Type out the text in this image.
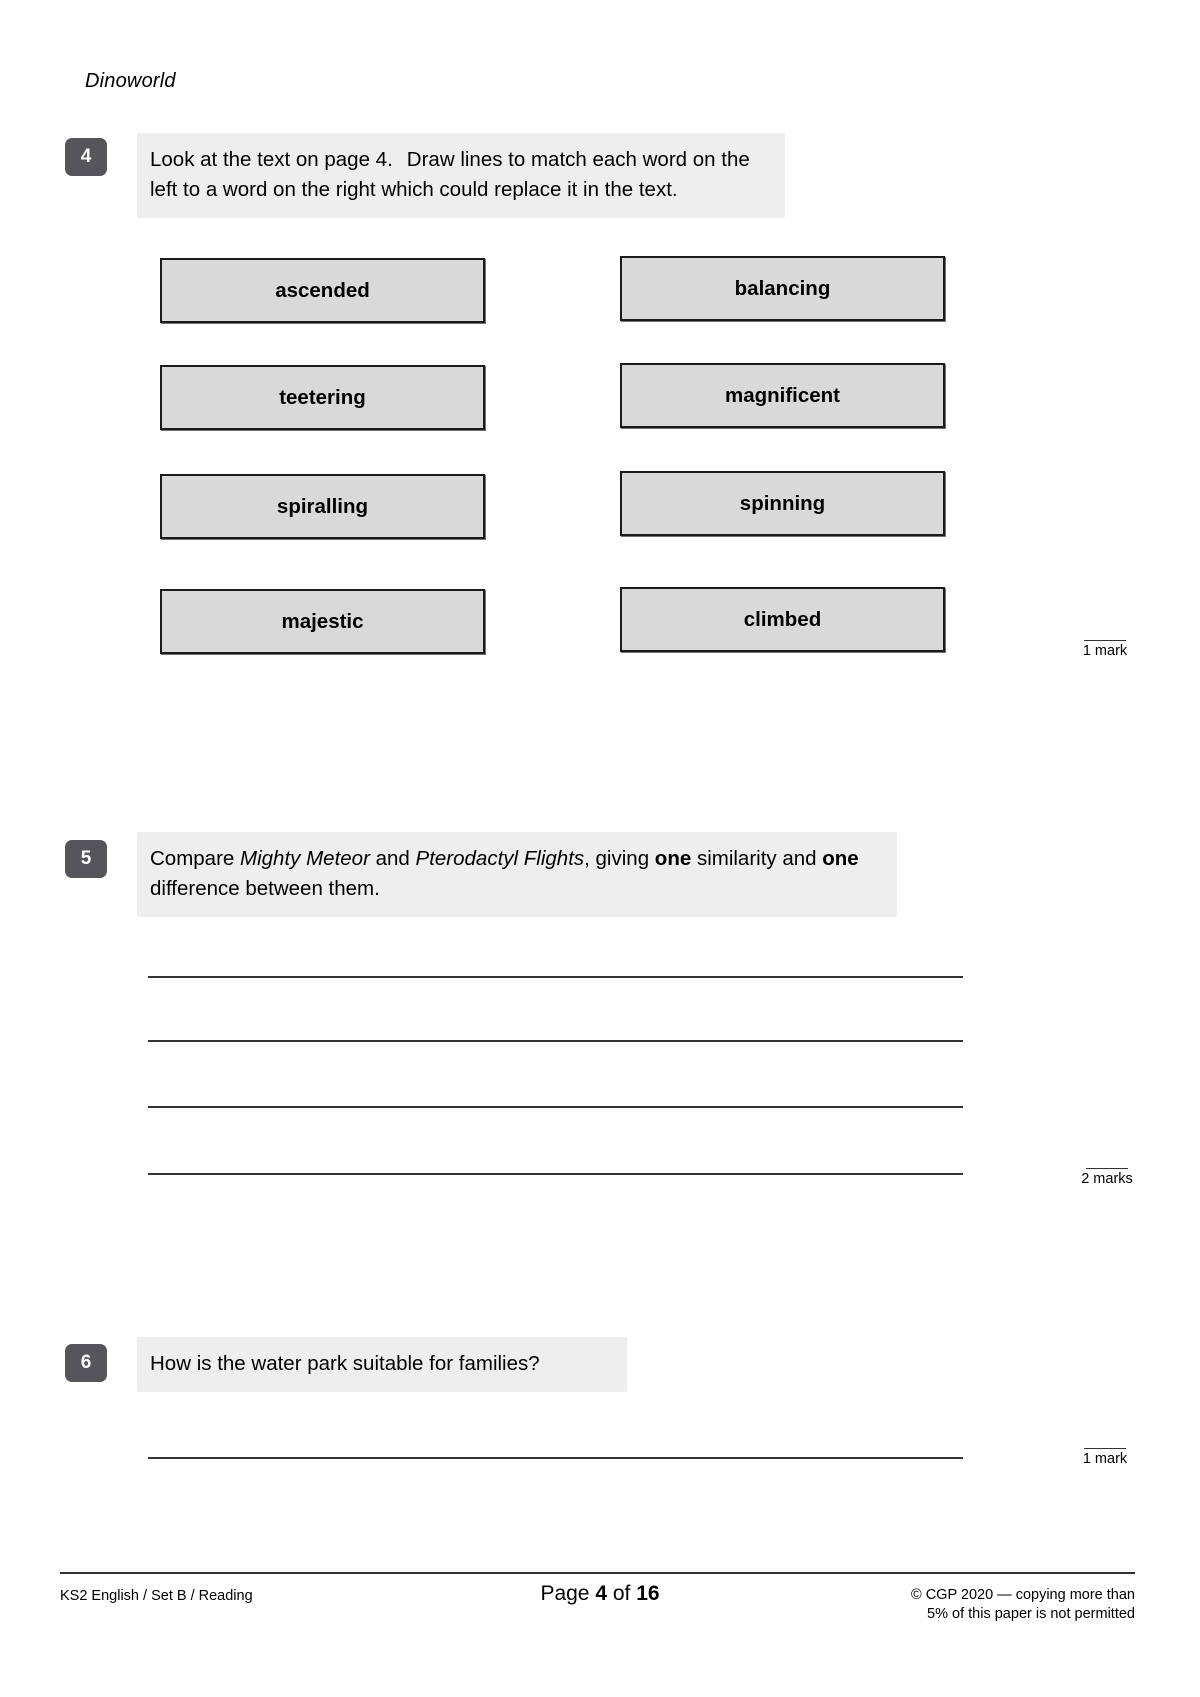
Dinoworld
4	Look at the text on page 4. Draw lines to match each word on the left to a word on the right which could replace it in the text.
ascended
teetering
spiralling
majestic
balancing
magnificent
spinning
climbed
1 mark
5	Compare Mighty Meteor and Pterodactyl Flights, giving one similarity and one difference between them.
2 marks
6	How is the water park suitable for families?
1 mark
KS2 English / Set B / Reading	Page 4 of 16	© CGP 2020 — copying more than
5% of this paper is not permitted
